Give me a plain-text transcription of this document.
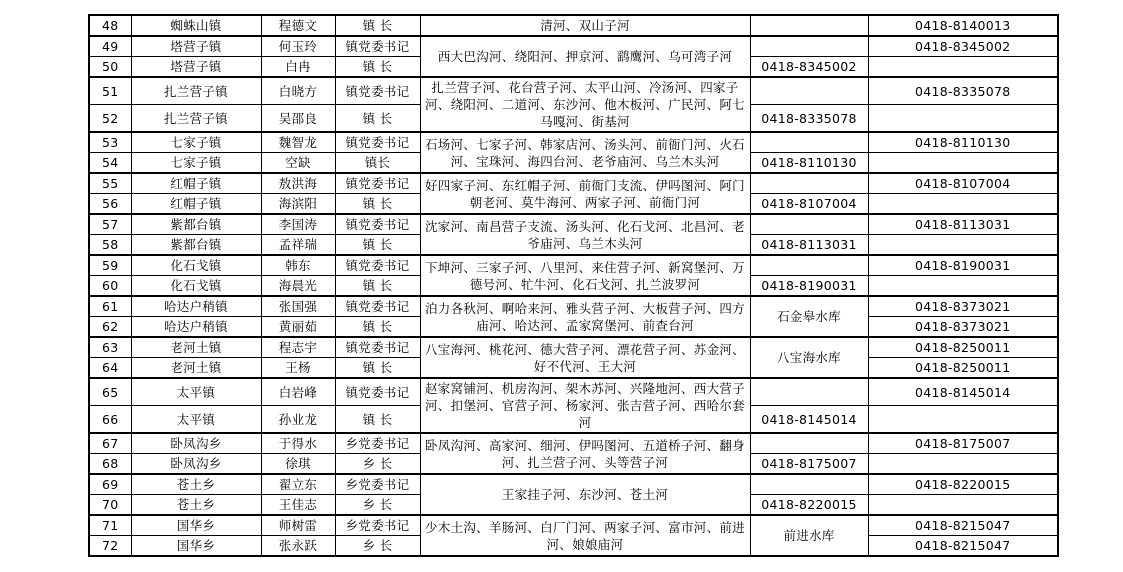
48	蜘蛛山镇	程德文	镇 长	清河、双山子河		0418-8140013
49	塔营子镇	何玉玲	镇党委书记	西大巴沟河、绕阳河、押京河、鹞鹰河、乌可湾子河		0418-8345002
50	塔营子镇	白冉	镇 长		0418-8345002	
51	扎兰营子镇	白晓方	镇党委书记	扎兰营子河、花台营子河、太平山河、冷汤河、四家子河、绕阳河、二道河、东沙河、他木板河、广民河、阿七马嘎河、街基河		0418-8335078
52	扎兰营子镇	吴邵良	镇 长		0418-8335078	
53	七家子镇	魏智龙	镇党委书记	石场河、七家子河、韩家店河、汤头河、前衙门河、火石河、宝珠河、海四台河、老爷庙河、乌兰木头河		0418-8110130
54	七家子镇	空缺	镇长		0418-8110130	
55	红帽子镇	敖洪海	镇党委书记	好四家子河、东红帽子河、前衙门支流、伊吗图河、阿门朝老河、莫牛海河、两家子河、前衙门河		0418-8107004
56	红帽子镇	海滨阳	镇 长		0418-8107004	
57	紫都台镇	李国涛	镇党委书记	沈家河、南昌营子支流、汤头河、化石戈河、北昌河、老爷庙河、乌兰木头河		0418-8113031
58	紫都台镇	孟祥瑞	镇 长		0418-8113031	
59	化石戈镇	韩东	镇党委书记	下坤河、三家子河、八里河、来住营子河、新窝堡河、万德号河、牤牛河、化石戈河、扎兰波罗河		0418-8190031
60	化石戈镇	海晨光	镇 长		0418-8190031	
61	哈达户稍镇	张国强	镇党委书记	泊力各秋河、啊哈来河、雅头营子河、大板营子河、四方庙河、哈达河、孟家窝堡河、前查台河	石金皋水库	0418-8373021
62	哈达户稍镇	黄丽茹	镇 长			0418-8373021
63	老河土镇	程志宇	镇党委书记	八宝海河、桃花河、德大营子河、漂花营子河、苏金河、好不代河、王大河	八宝海水库	0418-8250011
64	老河土镇	王杨	镇 长			0418-8250011
65	太平镇	白岩峰	镇党委书记	赵家窝铺河、机房沟河、架木苏河、兴隆地河、西大营子河、扣堡河、官营子河、杨家河、张吉营子河、西哈尔套河		0418-8145014
66	太平镇	孙业龙	镇 长		0418-8145014	
67	卧凤沟乡	于得水	乡党委书记	卧凤沟河、高家河、细河、伊吗图河、五道桥子河、翻身河、扎兰营子河、头等营子河		0418-8175007
68	卧凤沟乡	徐琪	乡 长		0418-8175007	
69	苍土乡	翟立东	乡党委书记	王家挂子河、东沙河、苍土河		0418-8220015
70	苍土乡	王佳志	乡 长		0418-8220015	
71	国华乡	师树雷	乡党委书记	少木土沟、羊肠河、白厂门河、两家子河、富市河、前进河、娘娘庙河	前进水库	0418-8215047
72	国华乡	张永跃	乡 长			0418-8215047
